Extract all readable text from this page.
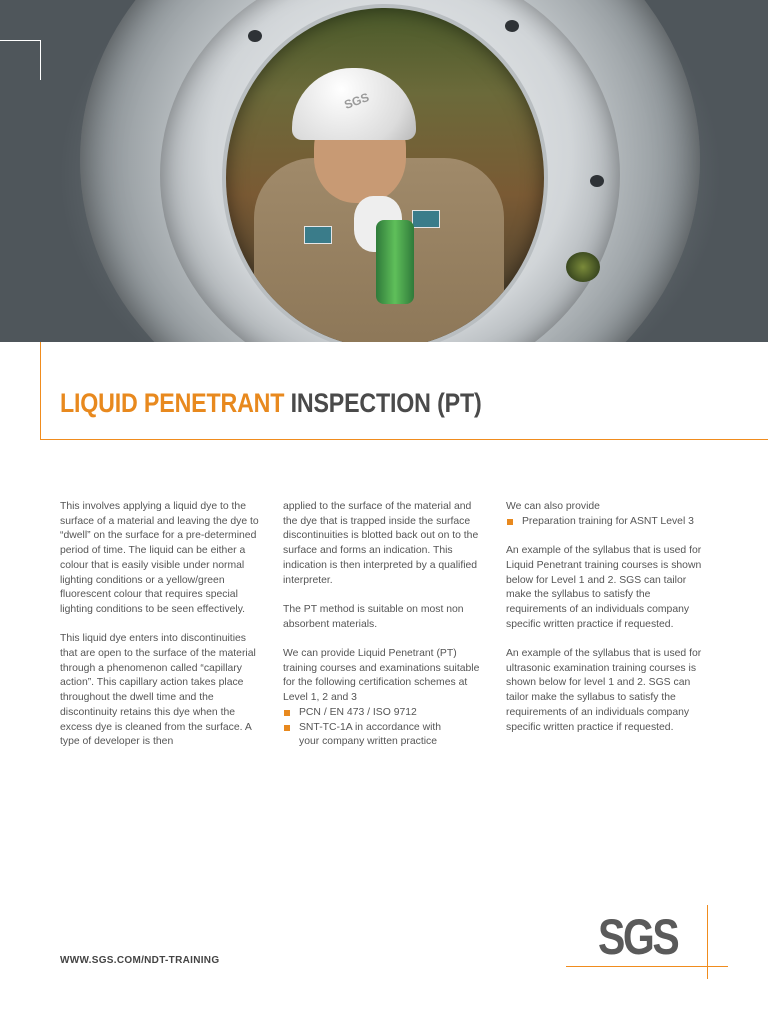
SGS
LIQUID PENETRANT INSPECTION (PT)

This involves applying a liquid dye to the surface of a material and leaving the dye to “dwell” on the surface for a pre-determined period of time. The liquid can be either a colour that is easily visible under normal lighting conditions or a yellow/green fluorescent colour that requires special lighting conditions to be seen effectively.

This liquid dye enters into discontinuities that are open to the surface of the material through a phenomenon called “capillary action”. This capillary action takes place throughout the dwell time and the discontinuity retains this dye when the excess dye is cleaned from the surface. A type of developer is then

applied to the surface of the material and the dye that is trapped inside the surface discontinuities is blotted back out on to the surface and forms an indication. This indication is then interpreted by a qualified interpreter.

The PT method is suitable on most non absorbent materials.

We can provide Liquid Penetrant (PT) training courses and examinations suitable for the following certification schemes at Level 1, 2 and 3

PCN / EN 473 / ISO 9712
SNT-TC-1A in accordance with your company written practice

We can also provide

Preparation training for ASNT Level 3

An example of the syllabus that is used for Liquid Penetrant training courses is shown below for Level 1 and 2. SGS can tailor make the syllabus to satisfy the requirements of an individuals company specific written practice if requested.

An example of the syllabus that is used for ultrasonic examination training courses is shown below for level 1 and 2. SGS can tailor make the syllabus to satisfy the requirements of an individuals company specific written practice if requested.

WWW.SGS.COM/NDT-TRAINING	SGS
